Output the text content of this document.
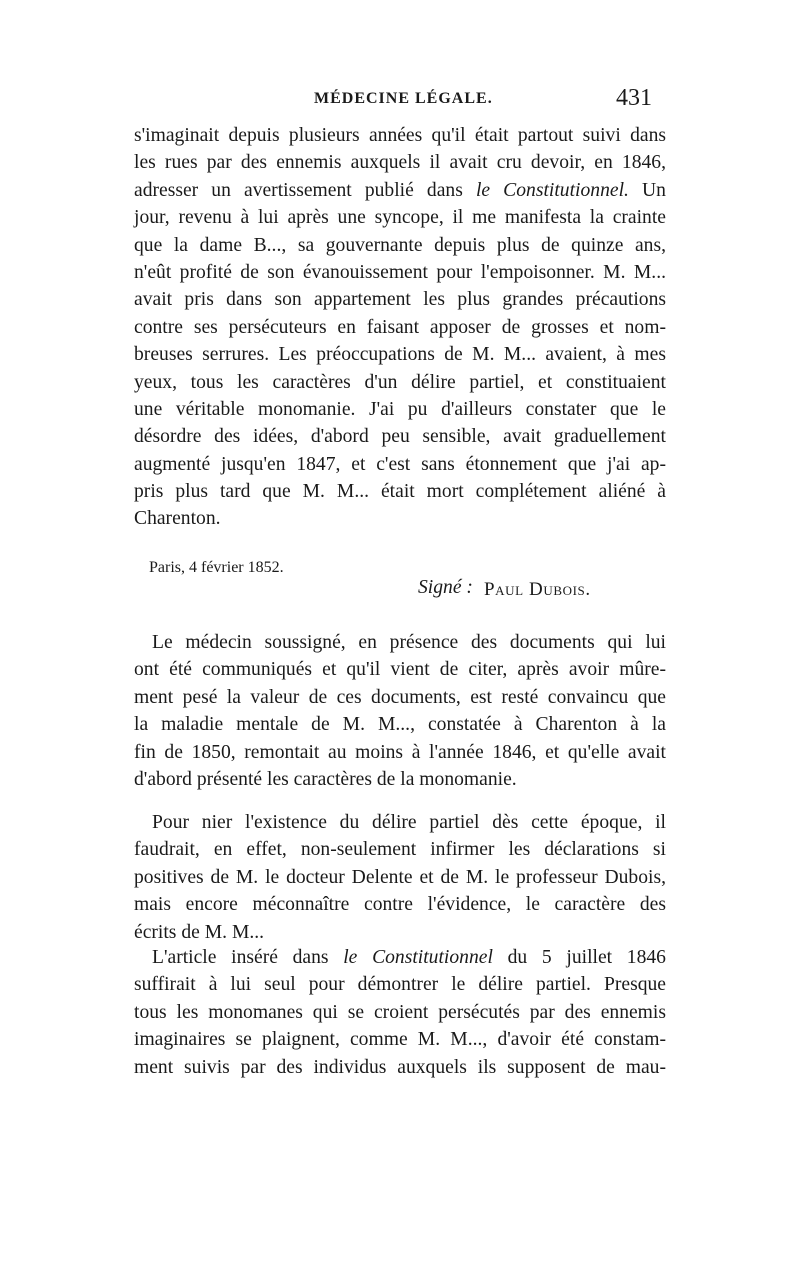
MÉDECINE LÉGALE.	431
s'imaginait depuis plusieurs années qu'il était partout suivi dans
les rues par des ennemis auxquels il avait cru devoir, en 1846,
adresser un avertissement publié dans le Constitutionnel. Un
jour, revenu à lui après une syncope, il me manifesta la crainte
que la dame B..., sa gouvernante depuis plus de quinze ans,
n'eût profité de son évanouissement pour l'empoisonner. M. M...
avait pris dans son appartement les plus grandes précautions
contre ses persécuteurs en faisant apposer de grosses et nom-
breuses serrures. Les préoccupations de M. M... avaient, à mes
yeux, tous les caractères d'un délire partiel, et constituaient
une véritable monomanie. J'ai pu d'ailleurs constater que le
désordre des idées, d'abord peu sensible, avait graduellement
augmenté jusqu'en 1847, et c'est sans étonnement que j'ai ap-
pris plus tard que M. M... était mort complétement aliéné à
Charenton.
Paris, 4 février 1852.
Signé : Paul Dubois.
Le médecin soussigné, en présence des documents qui lui
ont été communiqués et qu'il vient de citer, après avoir mûre-
ment pesé la valeur de ces documents, est resté convaincu que
la maladie mentale de M. M..., constatée à Charenton à la
fin de 1850, remontait au moins à l'année 1846, et qu'elle avait
d'abord présenté les caractères de la monomanie.
Pour nier l'existence du délire partiel dès cette époque, il
faudrait, en effet, non-seulement infirmer les déclarations si
positives de M. le docteur Delente et de M. le professeur Dubois,
mais encore méconnaître contre l'évidence, le caractère des
écrits de M. M...
L'article inséré dans le Constitutionnel du 5 juillet 1846
suffirait à lui seul pour démontrer le délire partiel. Presque
tous les monomanes qui se croient persécutés par des ennemis
imaginaires se plaignent, comme M. M..., d'avoir été constam-
ment suivis par des individus auxquels ils supposent de mau-
